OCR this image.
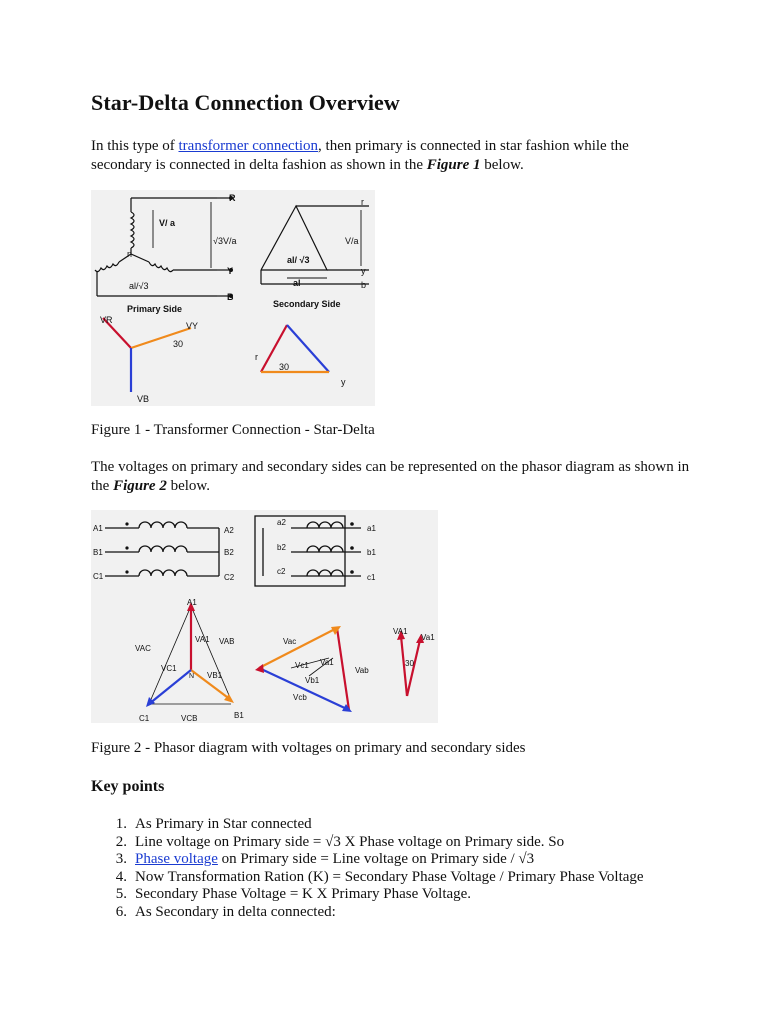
Star-Delta Connection Overview

In this type of transformer connection, then primary is connected in star fashion while the secondary is connected in delta fashion as shown in the Figure 1 below.

R
Y
B
n
V/ a
√3V/a
al/√3
Primary Side
r
y
b
V/a
al/ √3
al
Secondary Side
VR
VY
30
VB
r
y
30

Figure 1 - Transformer Connection - Star-Delta

The voltages on primary and secondary sides can be represented on the phasor diagram as shown in the Figure 2 below.

A1
B1
C1
A2
B2
C2
a2
b2
c2
a1
b1
c1
A1
VA1 VAB
VAC
VC1
N VB1
C1	VCB	B1
Vac
Vc1 Va1
Vab
Vb1
Vcb
VA1
Va1
30

Figure 2 - Phasor diagram with voltages on primary and secondary sides

Key points
1. As Primary in Star connected
2. Line voltage on Primary side = √3 X Phase voltage on Primary side. So
3. Phase voltage on Primary side = Line voltage on Primary side / √3
4. Now Transformation Ration (K) = Secondary Phase Voltage / Primary Phase Voltage
5. Secondary Phase Voltage = K X Primary Phase Voltage.
6. As Secondary in delta connected:
